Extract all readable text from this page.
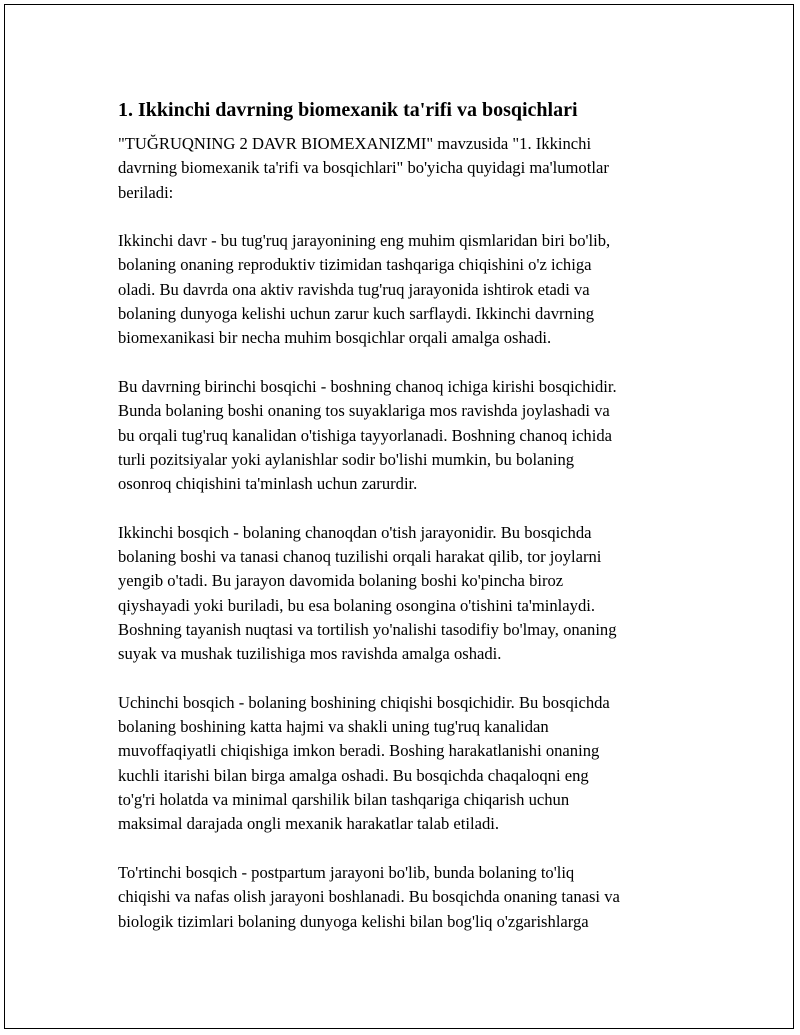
1. Ikkinchi davrning biomexanik ta'rifi va bosqichlari

"TUĞRUQNING 2 DAVR BIOMEXANIZMI" mavzusida "1. Ikkinchi
davrning biomexanik ta'rifi va bosqichlari" bo'yicha quyidagi ma'lumotlar
beriladi:

Ikkinchi davr - bu tug'ruq jarayonining eng muhim qismlaridan biri bo'lib,
bolaning onaning reproduktiv tizimidan tashqariga chiqishini o'z ichiga
oladi. Bu davrda ona aktiv ravishda tug'ruq jarayonida ishtirok etadi va
bolaning dunyoga kelishi uchun zarur kuch sarflaydi. Ikkinchi davrning
biomexanikasi bir necha muhim bosqichlar orqali amalga oshadi.

Bu davrning birinchi bosqichi - boshning chanoq ichiga kirishi bosqichidir.
Bunda bolaning boshi onaning tos suyaklariga mos ravishda joylashadi va
bu orqali tug'ruq kanalidan o'tishiga tayyorlanadi. Boshning chanoq ichida
turli pozitsiyalar yoki aylanishlar sodir bo'lishi mumkin, bu bolaning
osonroq chiqishini ta'minlash uchun zarurdir.

Ikkinchi bosqich - bolaning chanoqdan o'tish jarayonidir. Bu bosqichda
bolaning boshi va tanasi chanoq tuzilishi orqali harakat qilib, tor joylarni
yengib o'tadi. Bu jarayon davomida bolaning boshi ko'pincha biroz
qiyshayadi yoki buriladi, bu esa bolaning osongina o'tishini ta'minlaydi.
Boshning tayanish nuqtasi va tortilish yo'nalishi tasodifiy bo'lmay, onaning
suyak va mushak tuzilishiga mos ravishda amalga oshadi.

Uchinchi bosqich - bolaning boshining chiqishi bosqichidir. Bu bosqichda
bolaning boshining katta hajmi va shakli uning tug'ruq kanalidan
muvoffaqiyatli chiqishiga imkon beradi. Boshing harakatlanishi onaning
kuchli itarishi bilan birga amalga oshadi. Bu bosqichda chaqaloqni eng
to'g'ri holatda va minimal qarshilik bilan tashqariga chiqarish uchun
maksimal darajada ongli mexanik harakatlar talab etiladi.

To'rtinchi bosqich - postpartum jarayoni bo'lib, bunda bolaning to'liq
chiqishi va nafas olish jarayoni boshlanadi. Bu bosqichda onaning tanasi va
biologik tizimlari bolaning dunyoga kelishi bilan bog'liq o'zgarishlarga
